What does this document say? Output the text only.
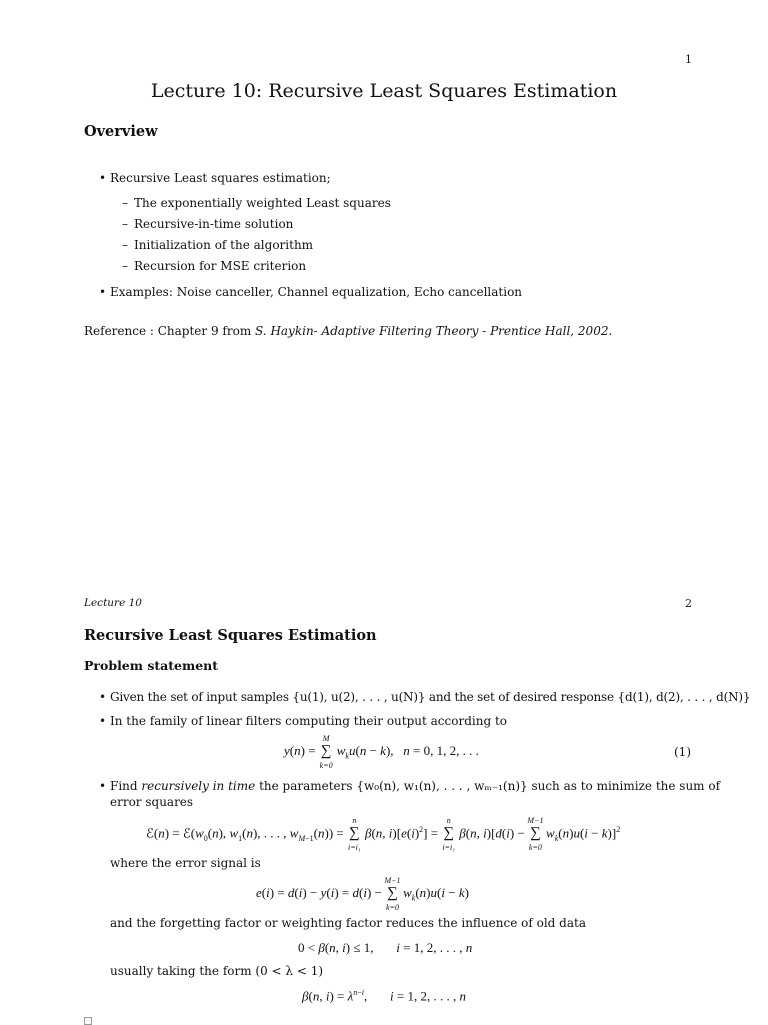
1
Lecture 10: Recursive Least Squares Estimation
Overview
• Recursive Least squares estimation;
– The exponentially weighted Least squares
– Recursive-in-time solution
– Initialization of the algorithm
– Recursion for MSE criterion
• Examples: Noise canceller, Channel equalization, Echo cancellation
Reference : Chapter 9 from S. Haykin- Adaptive Filtering Theory - Prentice Hall, 2002.
Lecture 10	2
Recursive Least Squares Estimation
Problem statement
• Given the set of input samples {u(1), u(2), . . . , u(N)} and the set of desired response {d(1), d(2), . . . , d(N)}
• In the family of linear filters computing their output according to
y(n) = ∑
M
k=0
$w_ku(n - k)$,   n = 0, 1, 2, . . .	(1)
• Find recursively in time the parameters {w₀(n), w₁(n), . . . , wₘ₋₁(n)} such as to minimize the sum of
error squares
ℰ(n) = $ℰ(w_0(n)$, $w_1(n)$, . . . , $w_{M-1}(n)$) = ∑
n
i=i₁
β(n, $i)[e(i)^2]$ = ∑
n
i=i₁
β(n, i)[d(i) − ∑
M−1
k=0
$w_k(n)u(i - k)]^2$
where the error signal is
e(i) = d(i) − y(i) = d(i) − ∑
M−1
k=0
$w_k(n)u(i - k)$
and the forgetting factor or weighting factor reduces the influence of old data
0 < β(n, i) ≤ 1,       i = 1, 2, . . . , n
usually taking the form (0 < λ < 1)
β(n, $i) = \lambda^{n-i}$,       i = 1, 2, . . . , n
